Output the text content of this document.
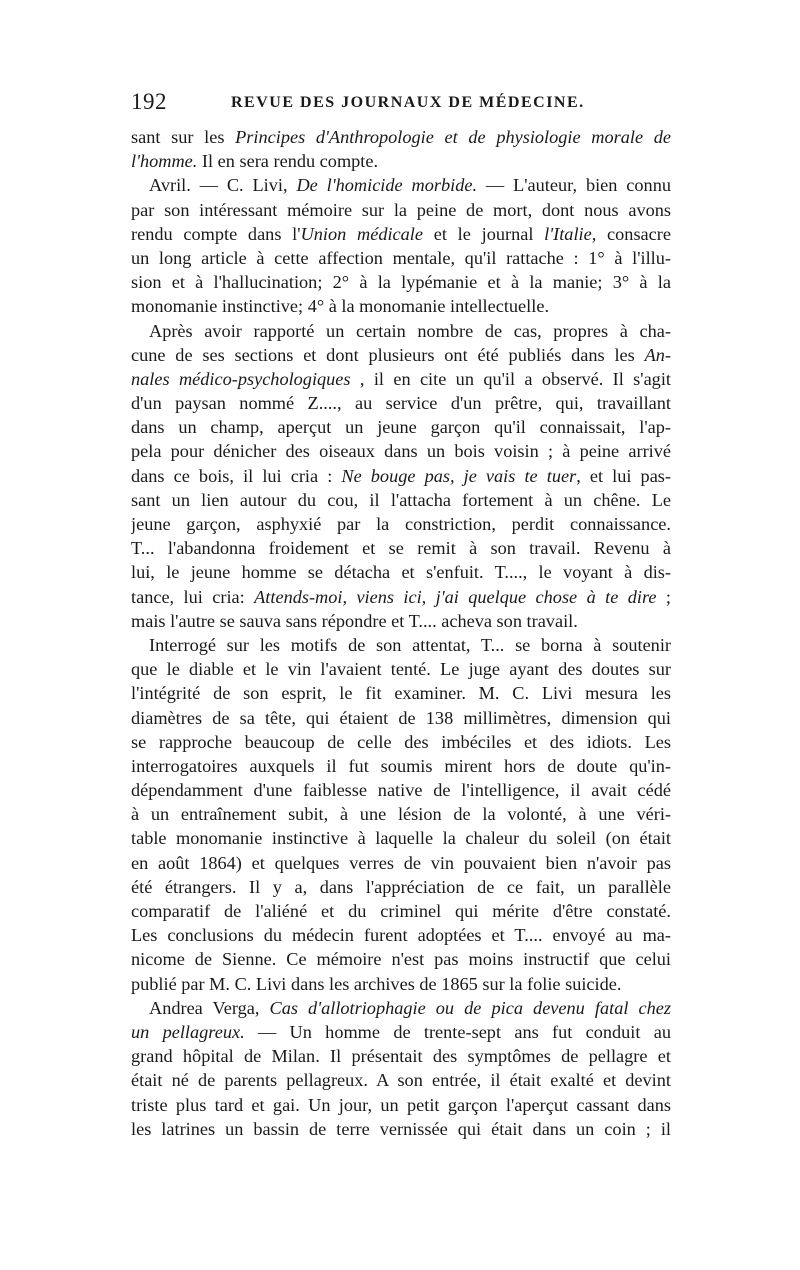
192	REVUE DES JOURNAUX DE MÉDECINE.
sant sur les Principes d'Anthropologie et de physiologie morale de
l'homme. Il en sera rendu compte.
Avril. — C. Livi, De l'homicide morbide. — L'auteur, bien connu
par son intéressant mémoire sur la peine de mort, dont nous avons
rendu compte dans l'Union médicale et le journal l'Italie, consacre
un long article à cette affection mentale, qu'il rattache : 1° à l'illu-
sion et à l'hallucination; 2° à la lypémanie et à la manie; 3° à la
monomanie instinctive; 4° à la monomanie intellectuelle.
Après avoir rapporté un certain nombre de cas, propres à cha-
cune de ses sections et dont plusieurs ont été publiés dans les An-
nales médico-psychologiques , il en cite un qu'il a observé. Il s'agit
d'un paysan nommé Z...., au service d'un prêtre, qui, travaillant
dans un champ, aperçut un jeune garçon qu'il connaissait, l'ap-
pela pour dénicher des oiseaux dans un bois voisin ; à peine arrivé
dans ce bois, il lui cria : Ne bouge pas, je vais te tuer, et lui pas-
sant un lien autour du cou, il l'attacha fortement à un chêne. Le
jeune garçon, asphyxié par la constriction, perdit connaissance.
T... l'abandonna froidement et se remit à son travail. Revenu à
lui, le jeune homme se détacha et s'enfuit. T...., le voyant à dis-
tance, lui cria: Attends-moi, viens ici, j'ai quelque chose à te dire ;
mais l'autre se sauva sans répondre et T.... acheva son travail.
Interrogé sur les motifs de son attentat, T... se borna à soutenir
que le diable et le vin l'avaient tenté. Le juge ayant des doutes sur
l'intégrité de son esprit, le fit examiner. M. C. Livi mesura les
diamètres de sa tête, qui étaient de 138 millimètres, dimension qui
se rapproche beaucoup de celle des imbéciles et des idiots. Les
interrogatoires auxquels il fut soumis mirent hors de doute qu'in-
dépendamment d'une faiblesse native de l'intelligence, il avait cédé
à un entraînement subit, à une lésion de la volonté, à une véri-
table monomanie instinctive à laquelle la chaleur du soleil (on était
en août 1864) et quelques verres de vin pouvaient bien n'avoir pas
été étrangers. Il y a, dans l'appréciation de ce fait, un parallèle
comparatif de l'aliéné et du criminel qui mérite d'être constaté.
Les conclusions du médecin furent adoptées et T.... envoyé au ma-
nicome de Sienne. Ce mémoire n'est pas moins instructif que celui
publié par M. C. Livi dans les archives de 1865 sur la folie suicide.
Andrea Verga, Cas d'allotriophagie ou de pica devenu fatal chez
un pellagreux. — Un homme de trente-sept ans fut conduit au
grand hôpital de Milan. Il présentait des symptômes de pellagre et
était né de parents pellagreux. A son entrée, il était exalté et devint
triste plus tard et gai. Un jour, un petit garçon l'aperçut cassant dans
les latrines un bassin de terre vernissée qui était dans un coin ; il
